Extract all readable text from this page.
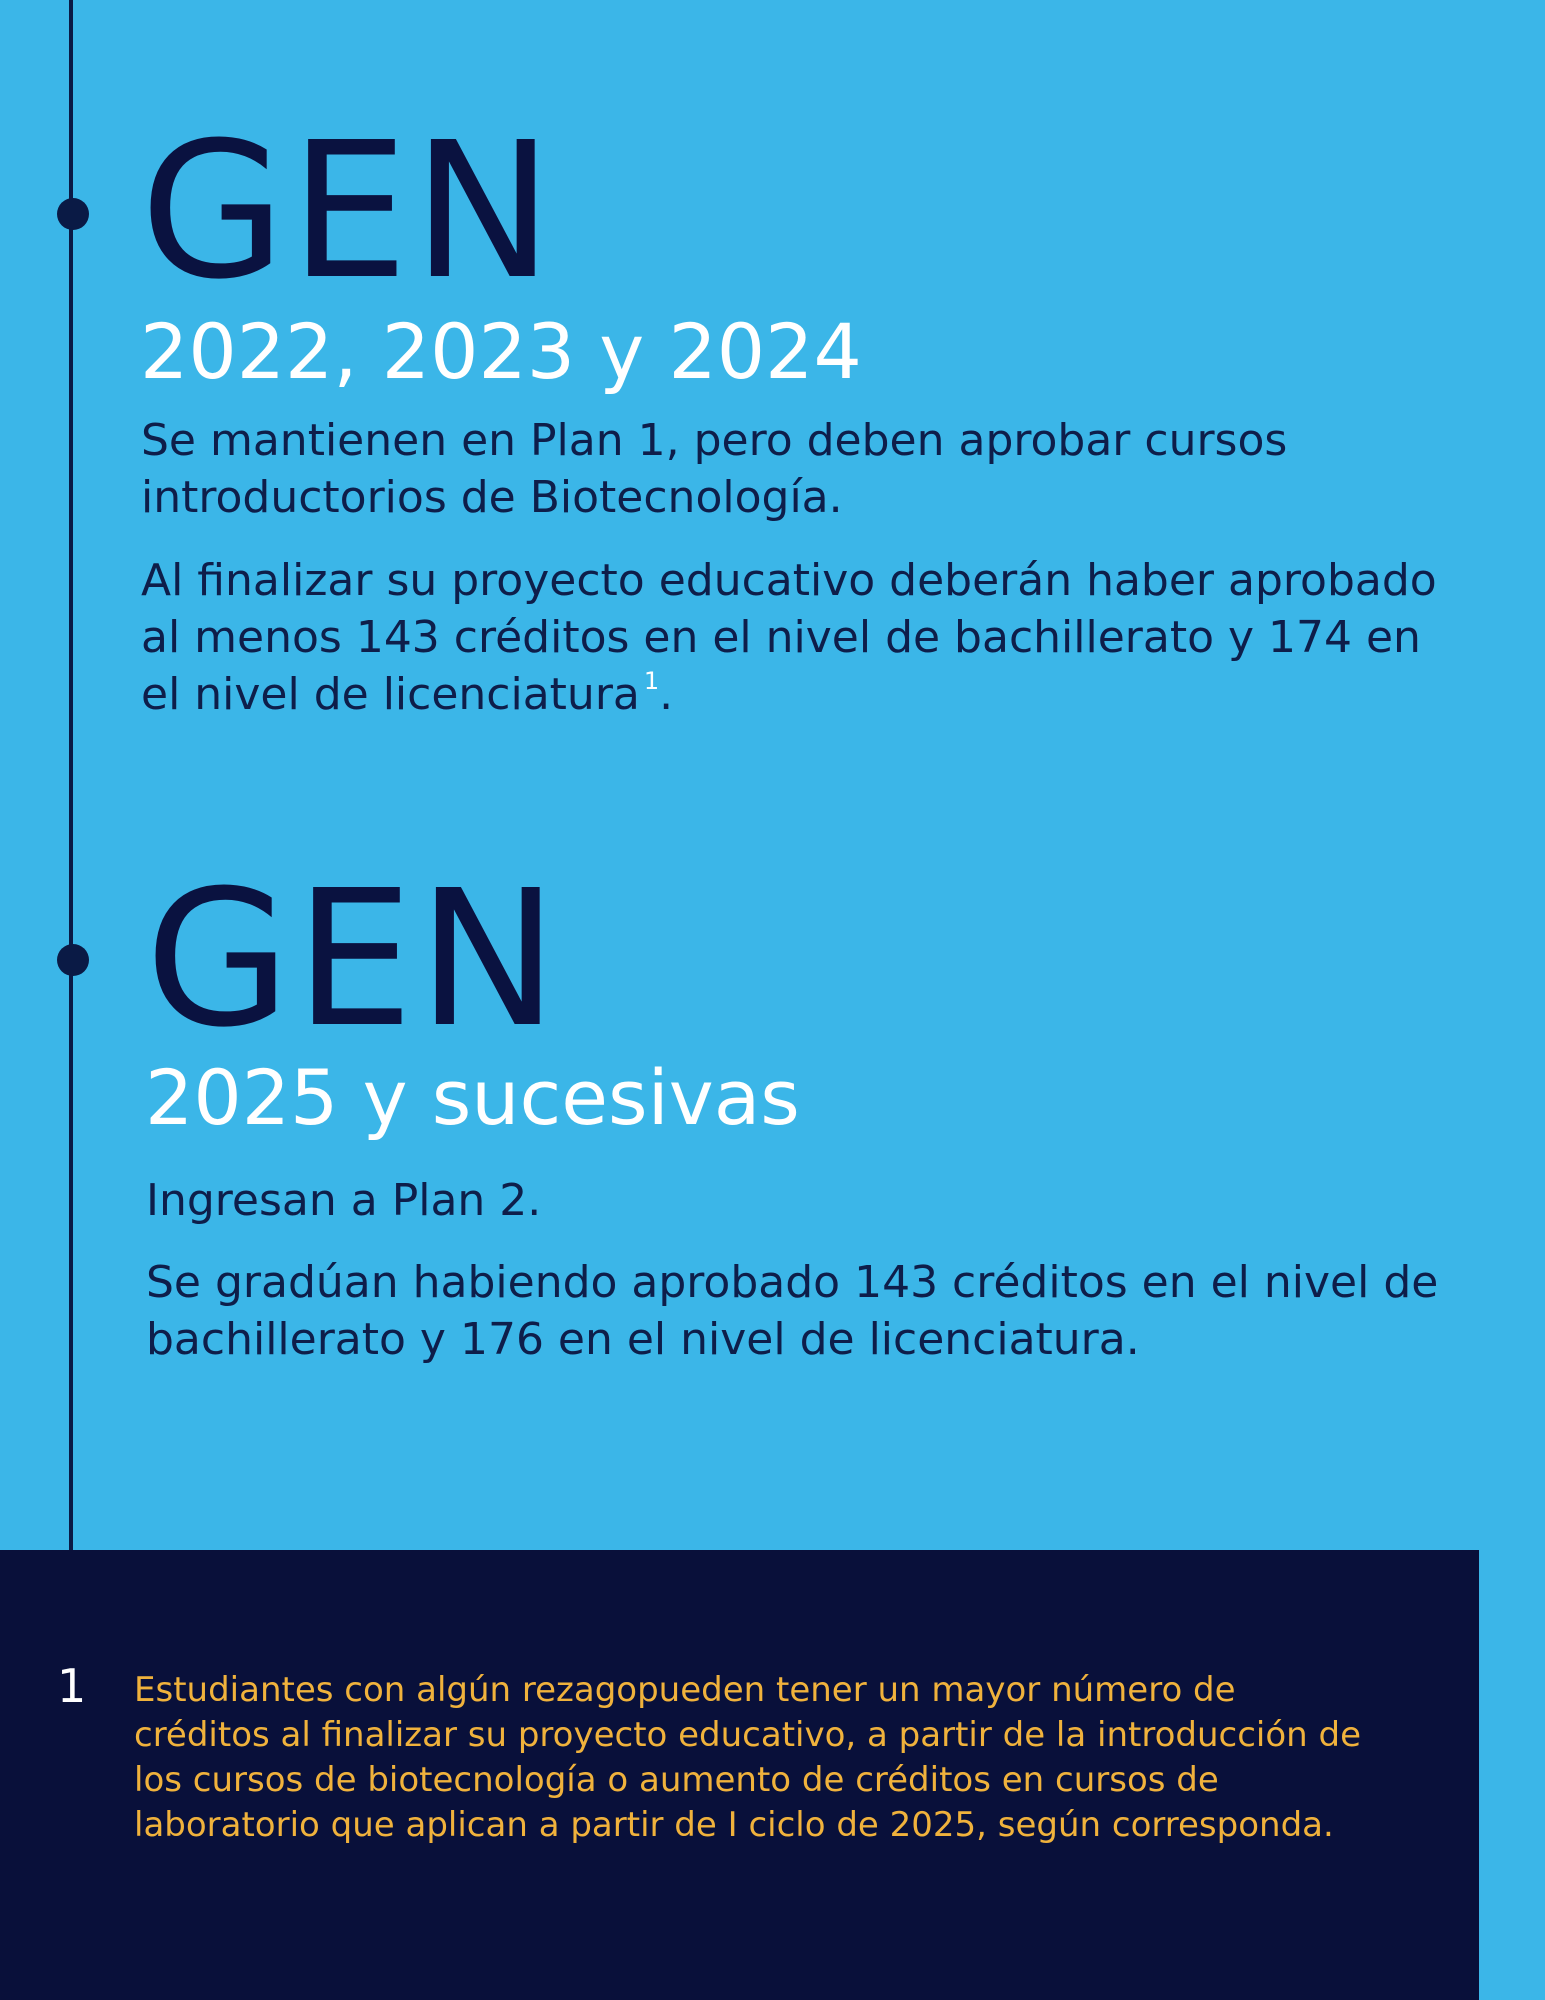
GEN
2022, 2023 y 2024

Se mantienen en Plan 1, pero deben aprobar cursos introductorios de Biotecnología.

Al finalizar su proyecto educativo deberán haber aprobado al menos 143 créditos en el nivel de bachillerato y 174 en el nivel de licenciatura $^1$.

GEN
2025 y sucesivas

Ingresan a Plan 2.

Se gradúan habiendo aprobado 143 créditos en el nivel de bachillerato y 176 en el nivel de licenciatura.

1 Estudiantes con algún rezagopueden tener un mayor número de créditos al finalizar su proyecto educativo, a partir de la introducción de los cursos de biotecnología o aumento de créditos en cursos de laboratorio que aplican a partir de I ciclo de 2025, según corresponda.
